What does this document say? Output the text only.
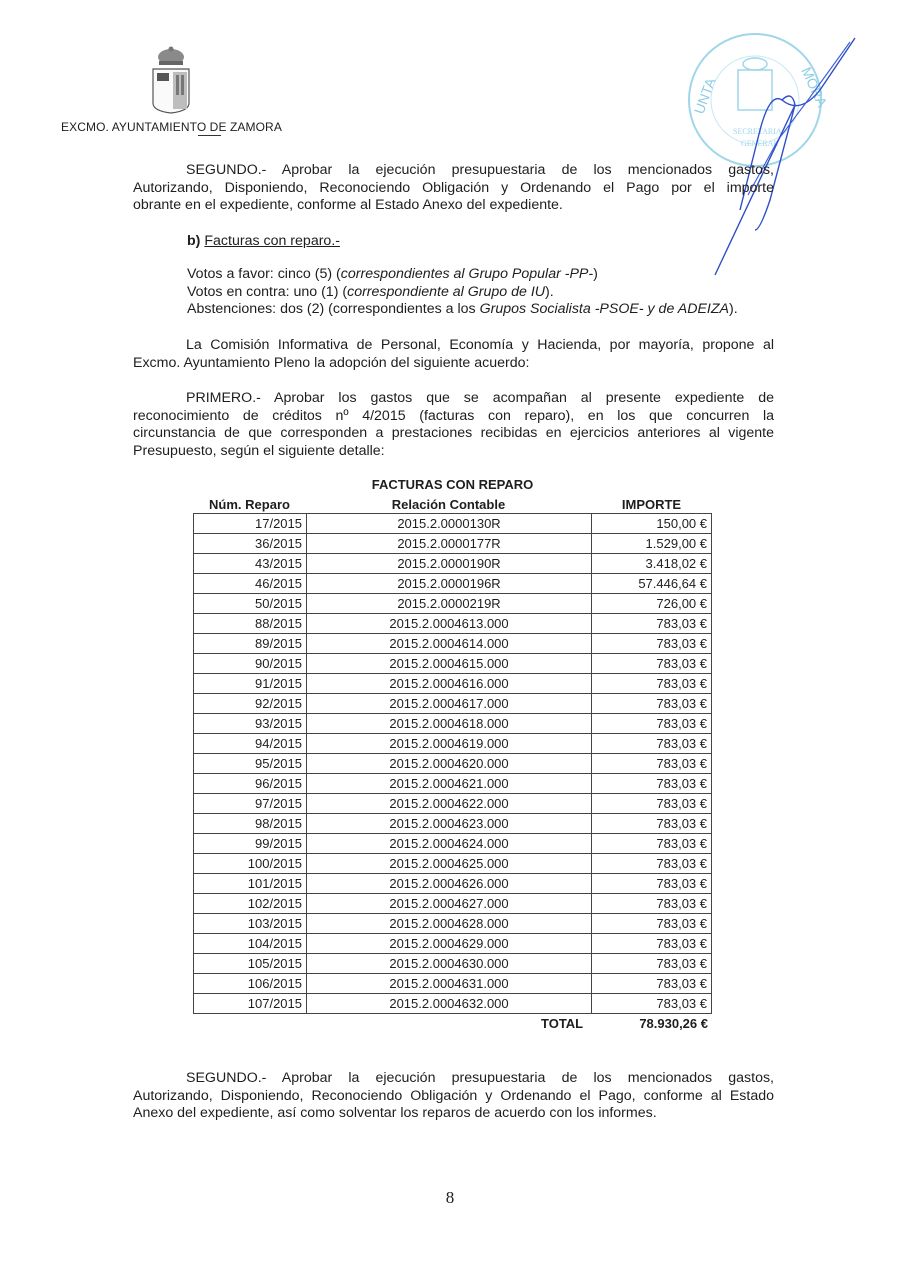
EXCMO. AYUNTAMIENTO DE ZAMORA
UNTA	MORA
SECRETARIA
GENERAL
SEGUNDO.- Aprobar la ejecución presupuestaria de los mencionados gastos,
Autorizando, Disponiendo, Reconociendo Obligación y Ordenando el Pago por el importe
obrante en el expediente, conforme al Estado Anexo del expediente.
b) Facturas con reparo.-
Votos a favor: cinco (5) (correspondientes al Grupo Popular -PP-)
Votos en contra: uno (1) (correspondiente al Grupo de IU).
Abstenciones: dos (2) (correspondientes a los Grupos Socialista -PSOE- y de ADEIZA).
La Comisión Informativa de Personal, Economía y Hacienda, por mayoría, propone al
Excmo. Ayuntamiento Pleno la adopción del siguiente acuerdo:
PRIMERO.- Aprobar los gastos que se acompañan al presente expediente de
reconocimiento de créditos nº 4/2015 (facturas con reparo), en los que concurren la
circunstancia de que corresponden a prestaciones recibidas en ejercicios anteriores al vigente
Presupuesto, según el siguiente detalle:
FACTURAS CON REPARO
Núm. Reparo	Relación Contable	IMPORTE
17/2015	2015.2.0000130R	150,00 €
36/2015	2015.2.0000177R	1.529,00 €
43/2015	2015.2.0000190R	3.418,02 €
46/2015	2015.2.0000196R	57.446,64 €
50/2015	2015.2.0000219R	726,00 €
88/2015	2015.2.0004613.000	783,03 €
89/2015	2015.2.0004614.000	783,03 €
90/2015	2015.2.0004615.000	783,03 €
91/2015	2015.2.0004616.000	783,03 €
92/2015	2015.2.0004617.000	783,03 €
93/2015	2015.2.0004618.000	783,03 €
94/2015	2015.2.0004619.000	783,03 €
95/2015	2015.2.0004620.000	783,03 €
96/2015	2015.2.0004621.000	783,03 €
97/2015	2015.2.0004622.000	783,03 €
98/2015	2015.2.0004623.000	783,03 €
99/2015	2015.2.0004624.000	783,03 €
100/2015	2015.2.0004625.000	783,03 €
101/2015	2015.2.0004626.000	783,03 €
102/2015	2015.2.0004627.000	783,03 €
103/2015	2015.2.0004628.000	783,03 €
104/2015	2015.2.0004629.000	783,03 €
105/2015	2015.2.0004630.000	783,03 €
106/2015	2015.2.0004631.000	783,03 €
107/2015	2015.2.0004632.000	783,03 €
TOTAL	78.930,26 €
SEGUNDO.- Aprobar la ejecución presupuestaria de los mencionados gastos,
Autorizando, Disponiendo, Reconociendo Obligación y Ordenando el Pago, conforme al Estado
Anexo del expediente, así como solventar los reparos de acuerdo con los informes.
8
